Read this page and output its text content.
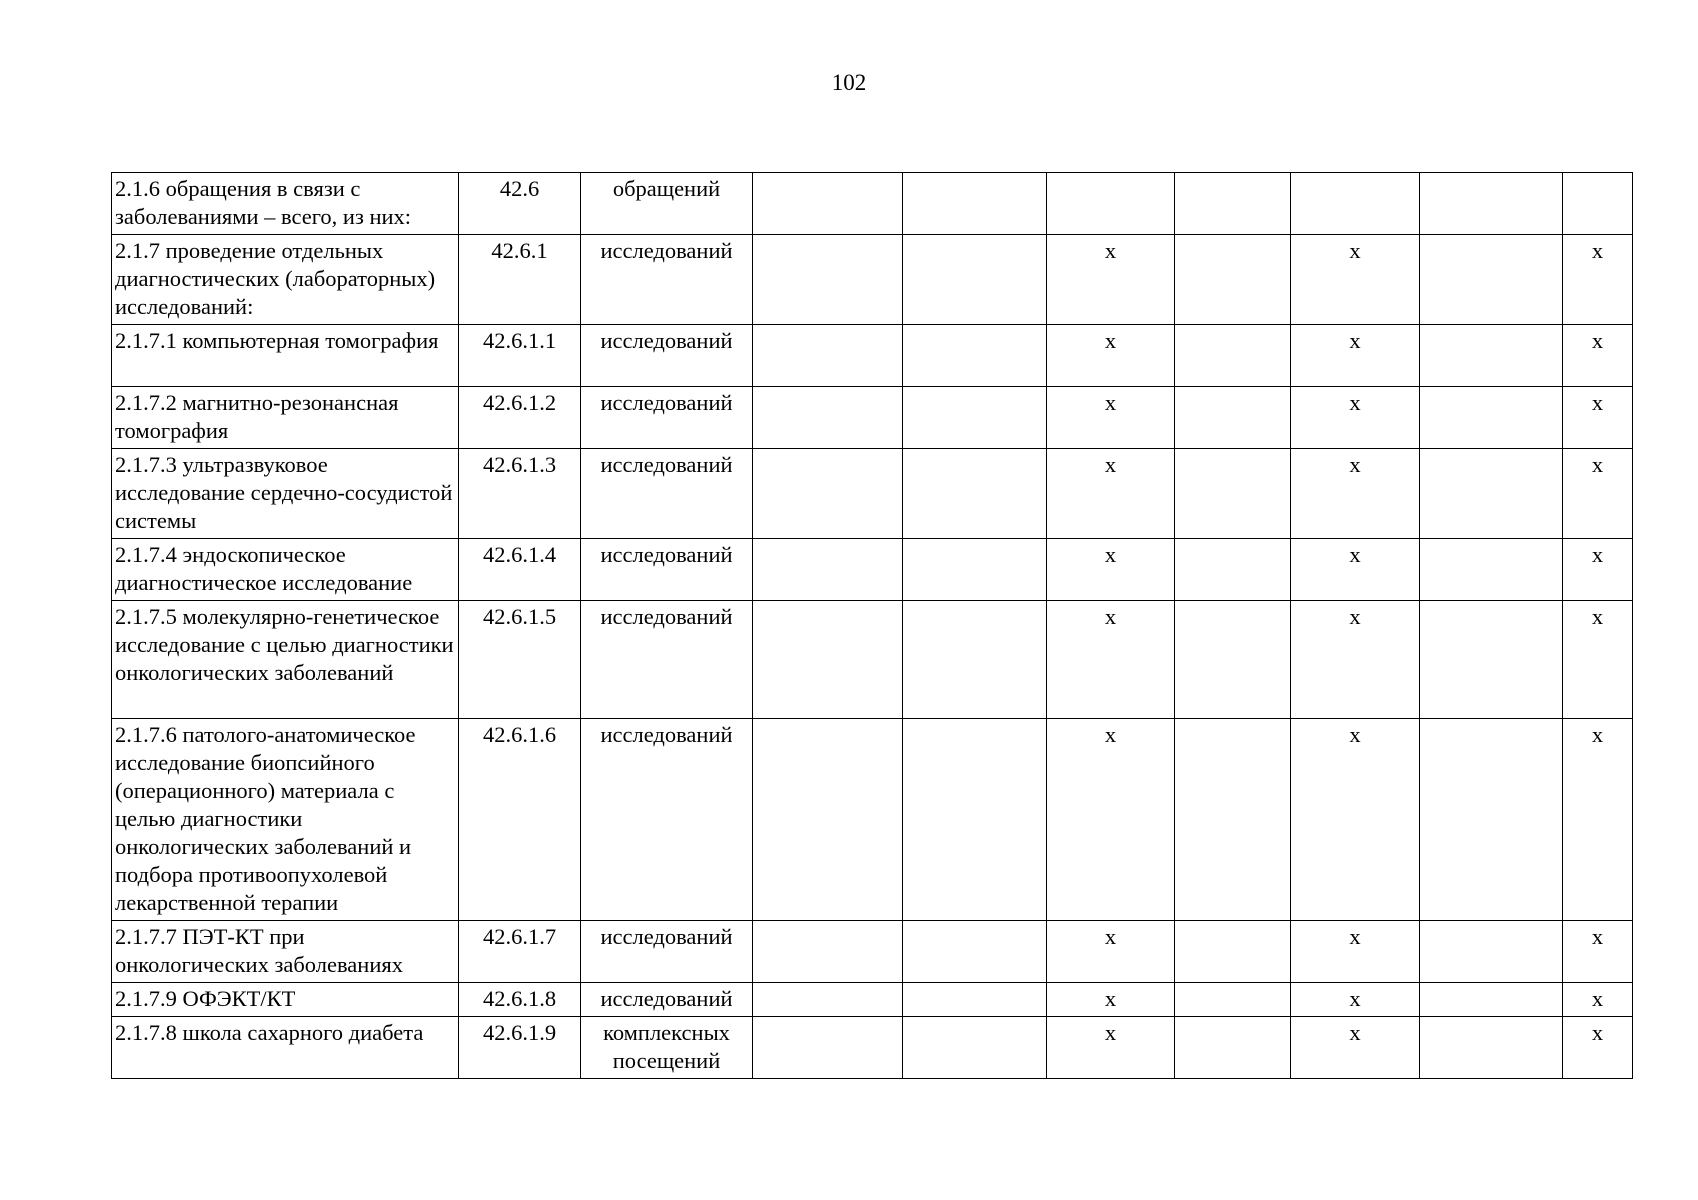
102
2.1.6 обращения в связи с заболеваниями – всего, из них:	42.6	обращений							
2.1.7 проведение отдельных диагностических (лабораторных) исследований:	42.6.1	исследований			х		х		х
2.1.7.1 компьютерная томография	42.6.1.1	исследований			х		х		х
2.1.7.2 магнитно-резонансная томография	42.6.1.2	исследований			х		х		х
2.1.7.3 ультразвуковое исследование сердечно-сосудистой системы	42.6.1.3	исследований			х		х		х
2.1.7.4 эндоскопическое диагностическое исследование	42.6.1.4	исследований			х		х		х
2.1.7.5 молекулярно-генетическое исследование с целью диагностики онкологических заболеваний	42.6.1.5	исследований			х		х		х
2.1.7.6 патолого-анатомическое исследование биопсийного (операционного) материала с целью диагностики онкологических заболеваний и подбора противоопухолевой лекарственной терапии	42.6.1.6	исследований			х		х		х
2.1.7.7 ПЭТ-КТ при онкологических заболеваниях	42.6.1.7	исследований			х		х		х
2.1.7.9 ОФЭКТ/КТ	42.6.1.8	исследований			х		х		х
2.1.7.8 школа сахарного диабета	42.6.1.9	комплексных посещений			х		х		х
